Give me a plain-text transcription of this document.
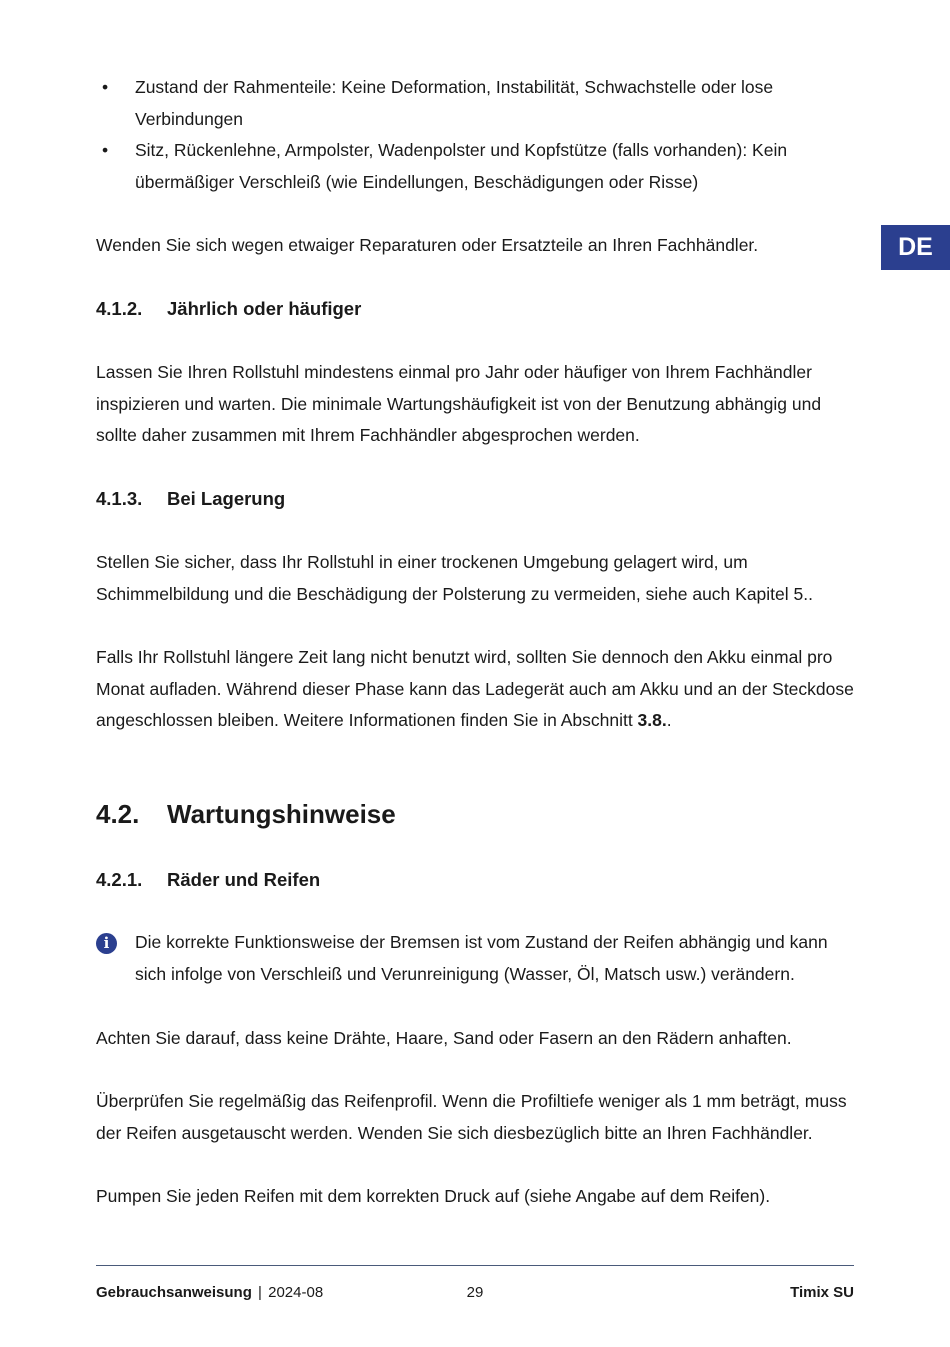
DE
• Zustand der Rahmenteile: Keine Deformation, Instabilität, Schwachstelle oder lose Verbindungen
• Sitz, Rückenlehne, Armpolster, Wadenpolster und Kopfstütze (falls vorhanden): Kein übermäßiger Verschleiß (wie Eindellungen, Beschädigungen oder Risse)

Wenden Sie sich wegen etwaiger Reparaturen oder Ersatzteile an Ihren Fachhändler.

4.1.2. Jährlich oder häufiger

Lassen Sie Ihren Rollstuhl mindestens einmal pro Jahr oder häufiger von Ihrem Fachhändler inspizieren und warten. Die minimale Wartungshäufigkeit ist von der Benutzung abhängig und sollte daher zusammen mit Ihrem Fachhändler abgesprochen werden.

4.1.3. Bei Lagerung

Stellen Sie sicher, dass Ihr Rollstuhl in einer trockenen Umgebung gelagert wird, um Schimmelbildung und die Beschädigung der Polsterung zu vermeiden, siehe auch Kapitel 5..

Falls Ihr Rollstuhl längere Zeit lang nicht benutzt wird, sollten Sie dennoch den Akku einmal pro Monat aufladen. Während dieser Phase kann das Ladegerät auch am Akku und an der Steckdose angeschlossen bleiben. Weitere Informationen finden Sie in Abschnitt 3.8..

4.2. Wartungshinweise
4.2.1. Räder und Reifen
i	Die korrekte Funktionsweise der Bremsen ist vom Zustand der Reifen abhängig und kann sich infolge von Verschleiß und Verunreinigung (Wasser, Öl, Matsch usw.) verändern.

Achten Sie darauf, dass keine Drähte, Haare, Sand oder Fasern an den Rädern anhaften.

Überprüfen Sie regelmäßig das Reifenprofil. Wenn die Profiltiefe weniger als 1 mm beträgt, muss der Reifen ausgetauscht werden. Wenden Sie sich diesbezüglich bitte an Ihren Fachhändler.

Pumpen Sie jeden Reifen mit dem korrekten Druck auf (siehe Angabe auf dem Reifen).

Gebrauchsanweisung | 2024-08	29	Timix SU
